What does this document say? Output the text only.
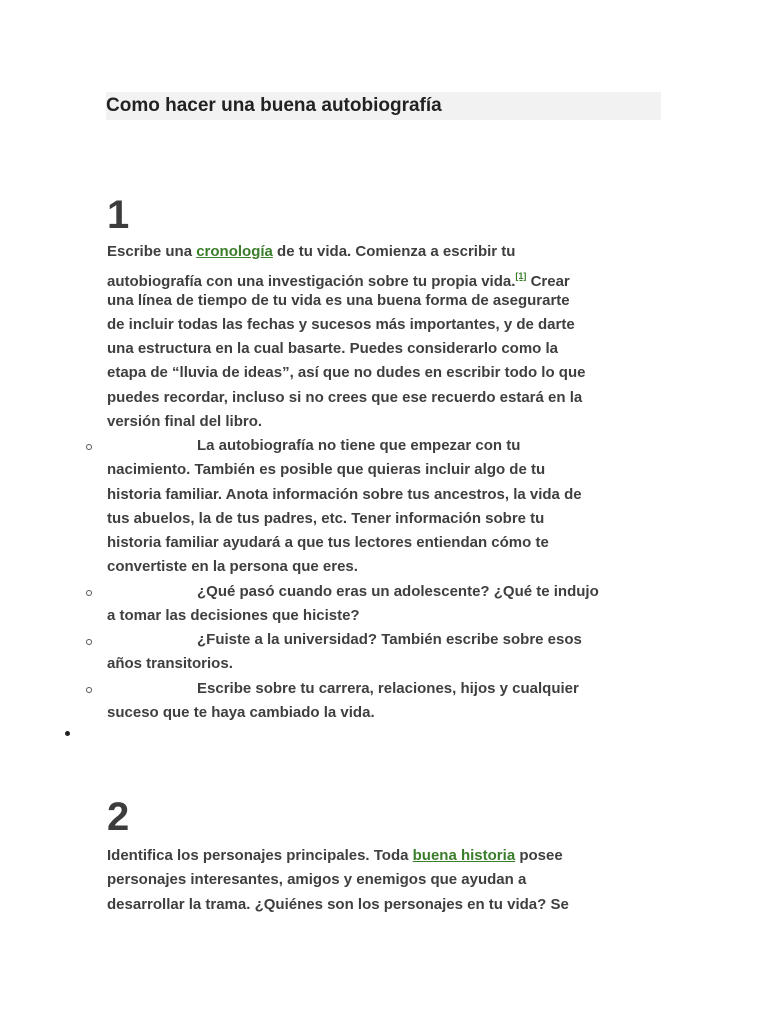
Como hacer una buena autobiografía
1
Escribe una cronología de tu vida. Comienza a escribir tu
autobiografía con una investigación sobre tu propia vida.[1] Crear
una línea de tiempo de tu vida es una buena forma de asegurarte
de incluir todas las fechas y sucesos más importantes, y de darte
una estructura en la cual basarte. Puedes considerarlo como la
etapa de “lluvia de ideas”, así que no dudes en escribir todo lo que
puedes recordar, incluso si no crees que ese recuerdo estará en la
versión final del libro.
La autobiografía no tiene que empezar con tu
nacimiento. También es posible que quieras incluir algo de tu
historia familiar. Anota información sobre tus ancestros, la vida de
tus abuelos, la de tus padres, etc. Tener información sobre tu
historia familiar ayudará a que tus lectores entiendan cómo te
convertiste en la persona que eres.
¿Qué pasó cuando eras un adolescente? ¿Qué te indujo
a tomar las decisiones que hiciste?
¿Fuiste a la universidad? También escribe sobre esos
años transitorios.
Escribe sobre tu carrera, relaciones, hijos y cualquier
suceso que te haya cambiado la vida.
2
Identifica los personajes principales. Toda buena historia posee
personajes interesantes, amigos y enemigos que ayudan a
desarrollar la trama. ¿Quiénes son los personajes en tu vida? Se
